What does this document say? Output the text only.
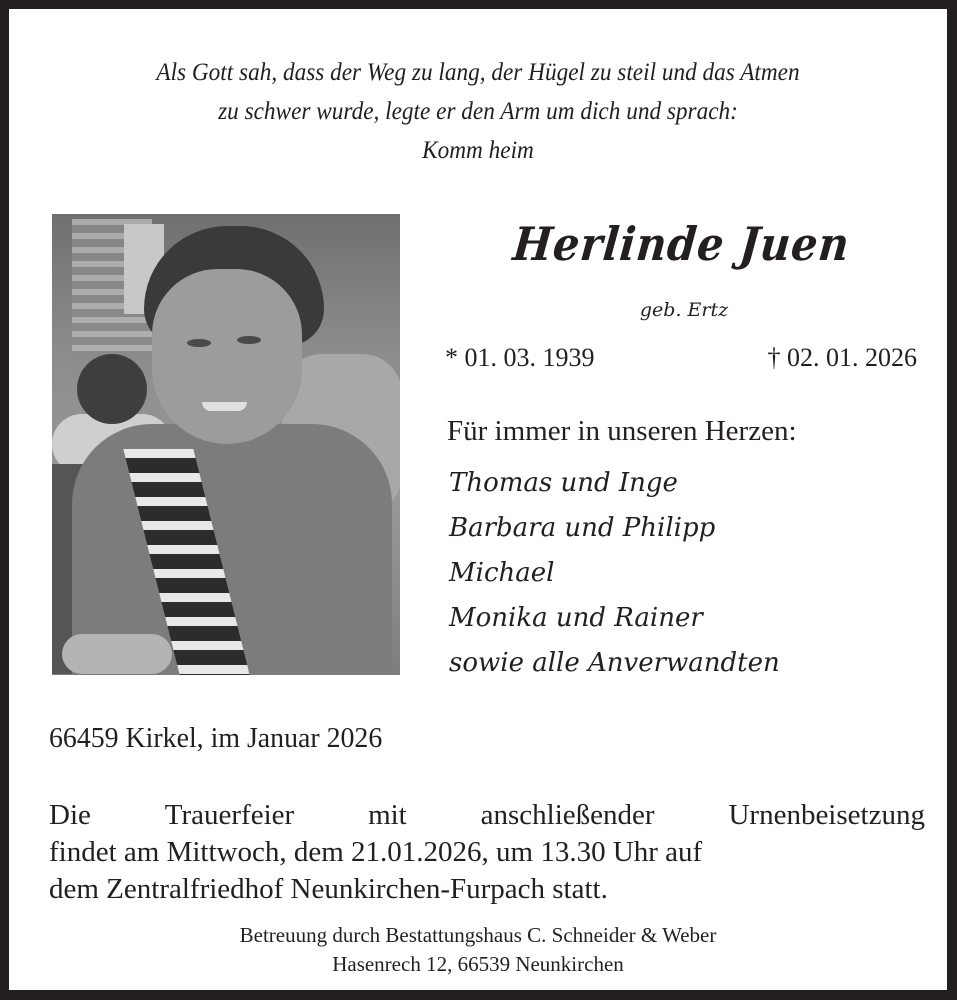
Als Gott sah, dass der Weg zu lang, der Hügel zu steil und das Atmen
zu schwer wurde, legte er den Arm um dich und sprach:
Komm heim
Herlinde Juen
geb. Ertz
* 01. 03. 1939	† 02. 01. 2026
Für immer in unseren Herzen:
Thomas und Inge
Barbara und Philipp
Michael
Monika und Rainer
sowie alle Anverwandten
66459 Kirkel, im Januar 2026
Die	Trauerfeier	mit	anschließender	Urnenbeisetzung
findet am Mittwoch, dem 21.01.2026, um 13.30 Uhr auf
dem Zentralfriedhof Neunkirchen-Furpach statt.
Betreuung durch Bestattungshaus C. Schneider & Weber
Hasenrech 12, 66539 Neunkirchen
